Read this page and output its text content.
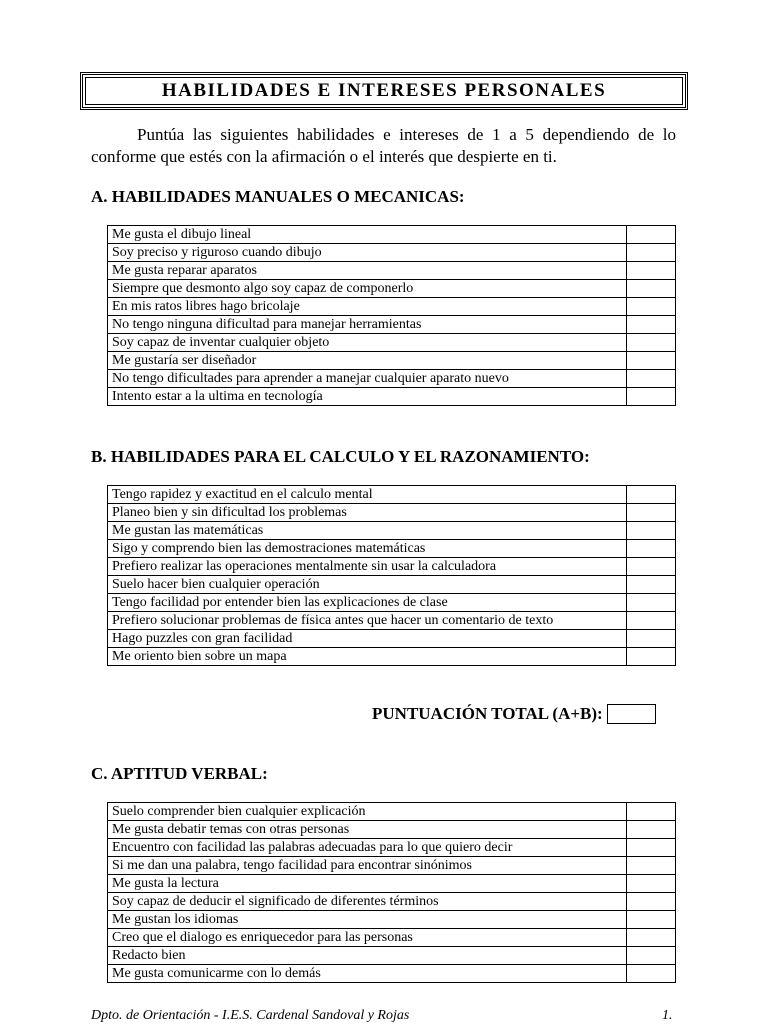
HABILIDADES E INTERESES PERSONALES

Puntúa las siguientes habilidades e intereses de 1 a 5 dependiendo de lo conforme que estés con la afirmación o el interés que despierte en ti.

A. HABILIDADES MANUALES O MECANICAS:
Me gusta el dibujo lineal	
Soy preciso y riguroso cuando dibujo	
Me gusta reparar aparatos	
Siempre que desmonto algo soy capaz de componerlo	
En mis ratos libres hago bricolaje	
No tengo ninguna dificultad para manejar herramientas	
Soy capaz de inventar cualquier objeto	
Me gustaría ser diseñador	
No tengo dificultades para aprender a manejar cualquier aparato nuevo	
Intento estar a la ultima en tecnología	
B. HABILIDADES PARA EL CALCULO Y EL RAZONAMIENTO:
Tengo rapidez y exactitud en el calculo mental	
Planeo bien y sin dificultad los problemas	
Me gustan las matemáticas	
Sigo y comprendo bien las demostraciones matemáticas	
Prefiero realizar las operaciones mentalmente sin usar la calculadora	
Suelo hacer bien cualquier operación	
Tengo facilidad por entender bien las explicaciones de clase	
Prefiero solucionar problemas de física antes que hacer un comentario de texto	
Hago puzzles con gran facilidad	
Me oriento bien sobre un mapa	
PUNTUACIÓN TOTAL (A+B):
C. APTITUD VERBAL:
Suelo comprender bien cualquier explicación	
Me gusta debatir temas con otras personas	
Encuentro con facilidad las palabras adecuadas para lo que quiero decir	
Si me dan una palabra, tengo facilidad para encontrar sinónimos	
Me gusta la lectura	
Soy capaz de deducir el significado de diferentes términos	
Me gustan los idiomas	
Creo que el dialogo es enriquecedor para las personas	
Redacto bien	
Me gusta comunicarme con lo demás	
Dpto. de Orientación - I.E.S. Cardenal Sandoval y Rojas	1.
